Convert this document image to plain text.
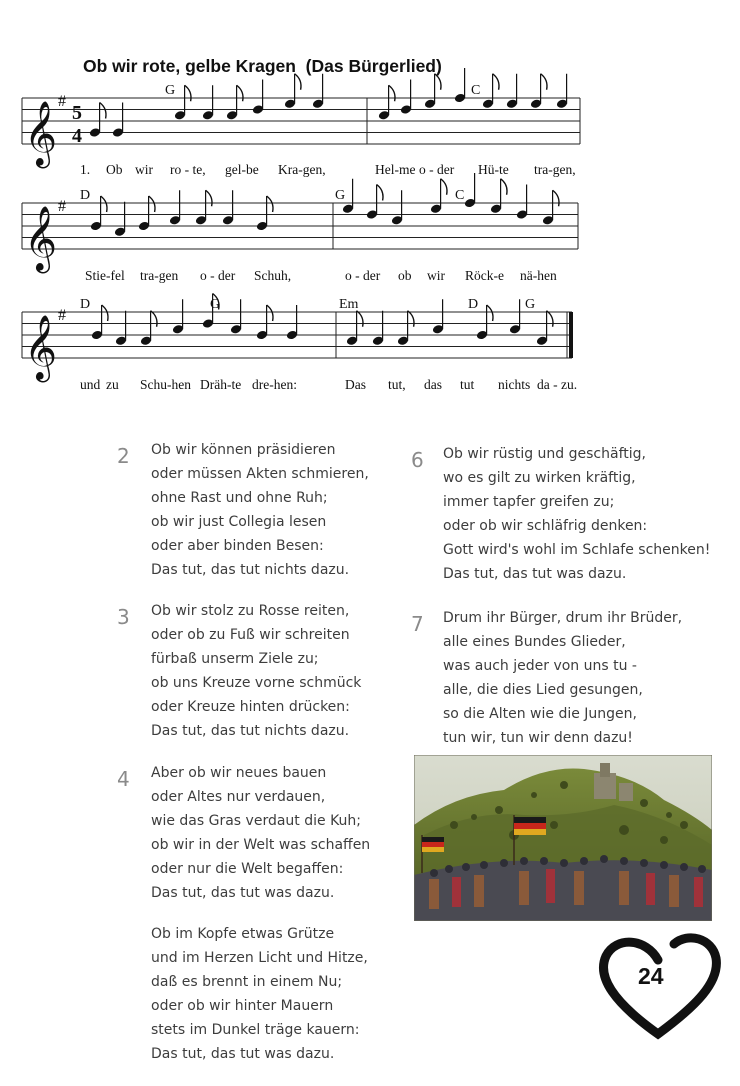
Ob wir rote, gelbe Kragen  (Das Bürgerlied)
𝄞 #
5
4
𝄞 #
𝄞 #
G	C
D	G	C
D	G	Em	D	G
1. Ob wir ro - te, gel-be Kra-gen,	Hel-me o - der Hü-te tra-gen,
Stie-fel tra-gen o - der Schuh,	o - der ob wir Röck-e nä-hen
und zu Schu-hen Dräh-te dre-hen:	Das tut, das tut nichts da - zu.
2 Ob wir können präsidieren
oder müssen Akten schmieren,
ohne Rast und ohne Ruh;
ob wir just Collegia lesen
oder aber binden Besen:
Das tut, das tut nichts dazu.
3 Ob wir stolz zu Rosse reiten,
oder ob zu Fuß wir schreiten
fürbaß unserm Ziele zu;
ob uns Kreuze vorne schmück
oder Kreuze hinten drücken:
Das tut, das tut nichts dazu.
4 Aber ob wir neues bauen
oder Altes nur verdauen,
wie das Gras verdaut die Kuh;
ob wir in der Welt was schaffen
oder nur die Welt begaffen:
Das tut, das tut was dazu.
Ob im Kopfe etwas Grütze
und im Herzen Licht und Hitze,
daß es brennt in einem Nu;
oder ob wir hinter Mauern
stets im Dunkel träge kauern:
Das tut, das tut was dazu.
6 Ob wir rüstig und geschäftig,
wo es gilt zu wirken kräftig,
immer tapfer greifen zu;
oder ob wir schläfrig denken:
Gott wird's wohl im Schlafe schenken!
Das tut, das tut was dazu.
7 Drum ihr Bürger, drum ihr Brüder,
alle eines Bundes Glieder,
was auch jeder von uns tu -
alle, die dies Lied gesungen,
so die Alten wie die Jungen,
tun wir, tun wir denn dazu!
24
